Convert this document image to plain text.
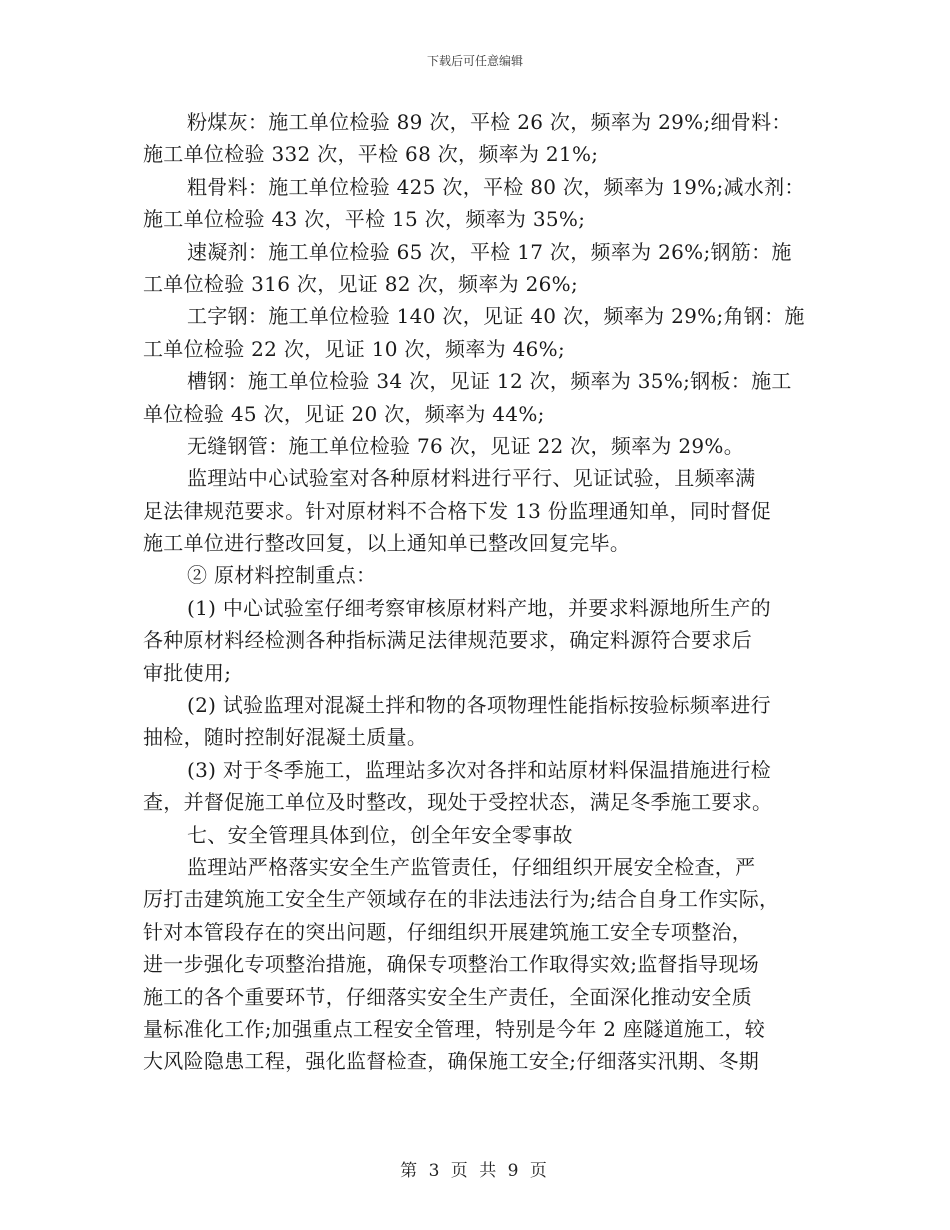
下载后可任意编辑
粉煤灰：施工单位检验 89 次，平检 26 次，频率为 29%;细骨料：
施工单位检验 332 次，平检 68 次，频率为 21%;
粗骨料：施工单位检验 425 次，平检 80 次，频率为 19%;减水剂：
施工单位检验 43 次，平检 15 次，频率为 35%;
速凝剂：施工单位检验 65 次，平检 17 次，频率为 26%;钢筋：施
工单位检验 316 次，见证 82 次，频率为 26%;
工字钢：施工单位检验 140 次，见证 40 次，频率为 29%;角钢：施
工单位检验 22 次，见证 10 次，频率为 46%;
槽钢：施工单位检验 34 次，见证 12 次，频率为 35%;钢板：施工
单位检验 45 次，见证 20 次，频率为 44%;
无缝钢管：施工单位检验 76 次，见证 22 次，频率为 29%。
监理站中心试验室对各种原材料进行平行、见证试验，且频率满
足法律规范要求。针对原材料不合格下发 13 份监理通知单，同时督促
施工单位进行整改回复，以上通知单已整改回复完毕。
② 原材料控制重点：
(1) 中心试验室仔细考察审核原材料产地，并要求料源地所生产的
各种原材料经检测各种指标满足法律规范要求，确定料源符合要求后
审批使用;
(2) 试验监理对混凝土拌和物的各项物理性能指标按验标频率进行
抽检，随时控制好混凝土质量。
(3) 对于冬季施工，监理站多次对各拌和站原材料保温措施进行检
查，并督促施工单位及时整改，现处于受控状态，满足冬季施工要求。
七、安全管理具体到位，创全年安全零事故
监理站严格落实安全生产监管责任，仔细组织开展安全检查，严
厉打击建筑施工安全生产领域存在的非法违法行为;结合自身工作实际，
针对本管段存在的突出问题，仔细组织开展建筑施工安全专项整治，
进一步强化专项整治措施，确保专项整治工作取得实效;监督指导现场
施工的各个重要环节，仔细落实安全生产责任，全面深化推动安全质
量标准化工作;加强重点工程安全管理，特别是今年 2 座隧道施工，较
大风险隐患工程，强化监督检查，确保施工安全;仔细落实汛期、冬期
第 3 页 共 9 页
